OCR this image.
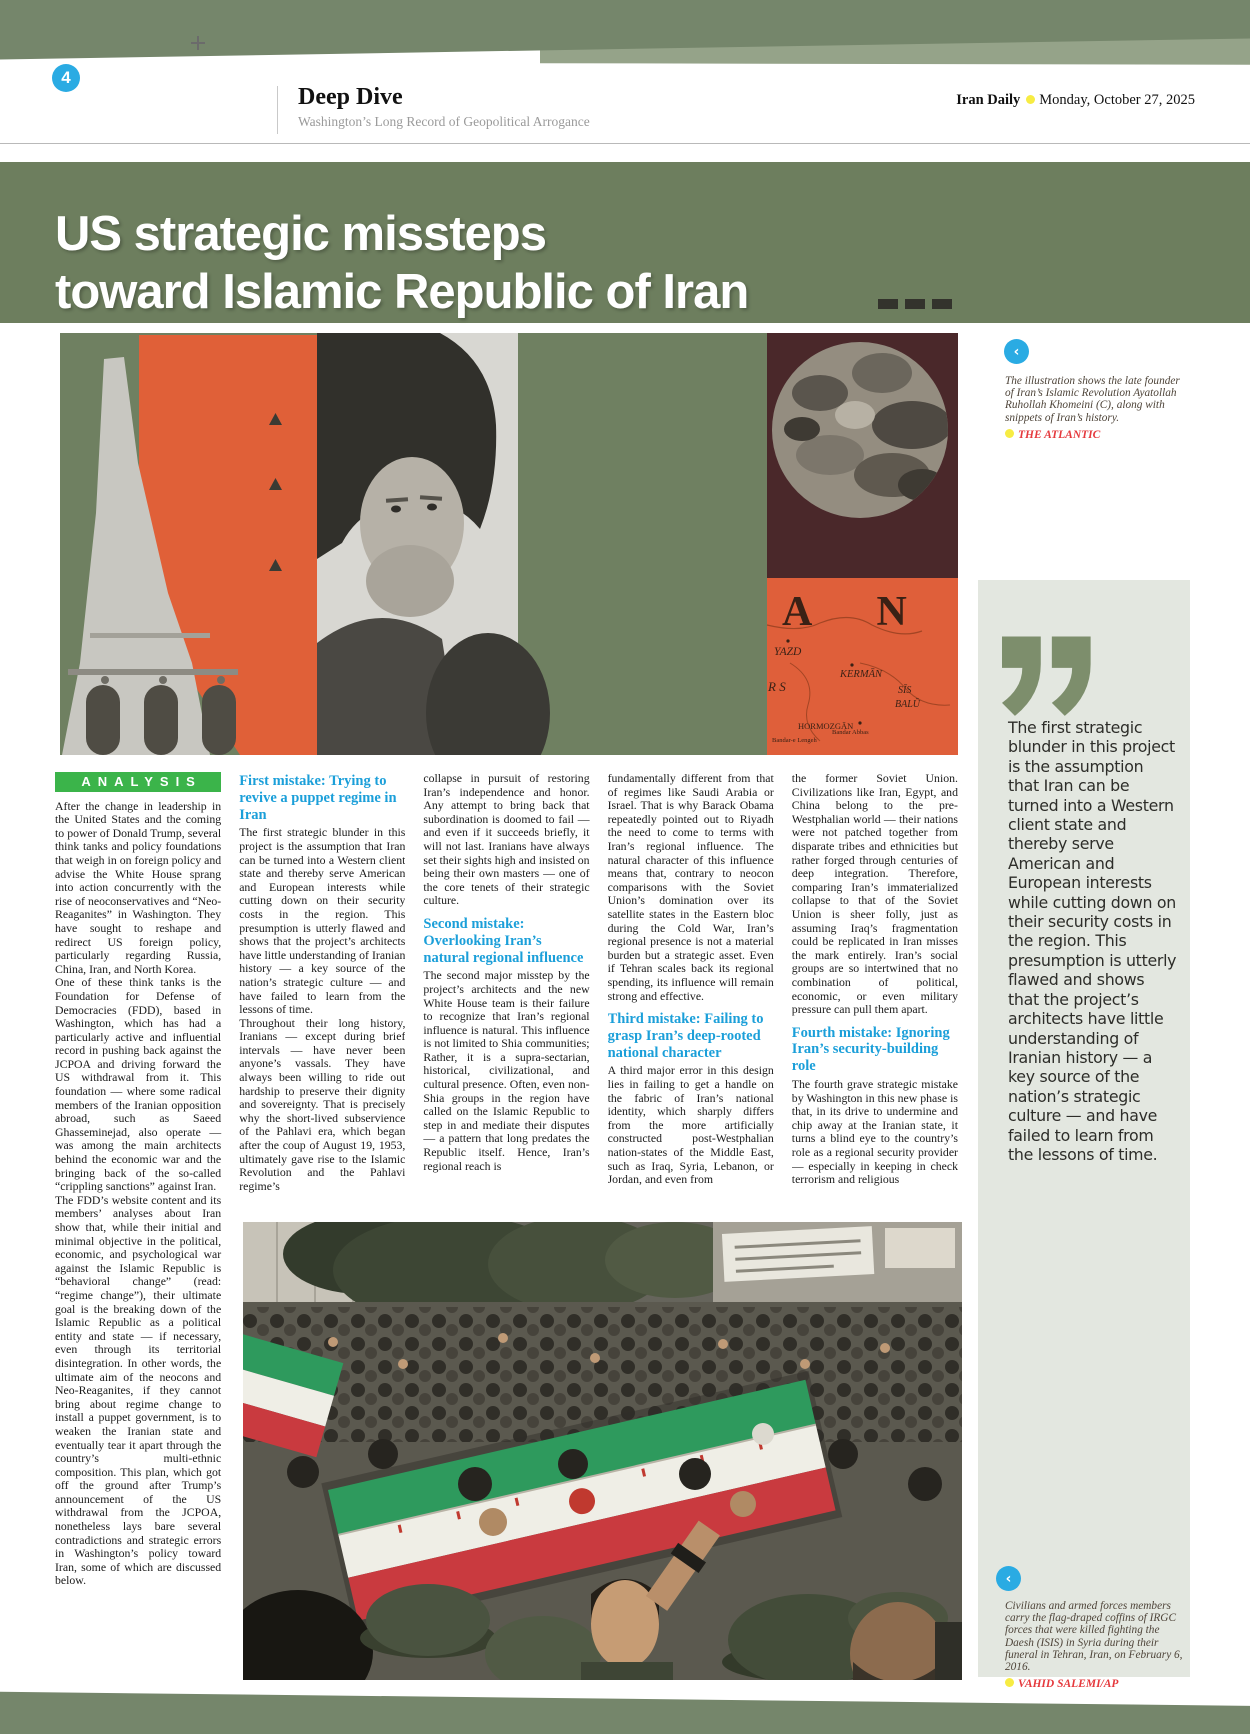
4
Deep Dive
Washington’s Long Record of Geopolitical Arrogance
Iran Daily Monday, October 27, 2025
US strategic missteps
toward Islamic Republic of Iran
A N
YAZD
KERMĀN
R S	SĪS
BALŪ
HORMOZGĀN
Bandar-e Lengeh
Bandar Abbas
‹
The illustration shows the late founder of Iran’s Islamic Revolution Ayatollah Ruhollah Khomeini (C), along with snippets of Iran’s history.
THE ATLANTIC
The first strategic blunder in this project is the assumption that Iran can be turned into a Western client state and thereby serve American and European interests while cutting down on their security costs in the region. This presumption is utterly flawed and shows that the project’s architects have little understanding of Iranian history — a key source of the nation’s strategic culture — and have failed to learn from the lessons of time.
ANALYSIS

After the change in leadership in the United States and the coming to power of Donald Trump, several think tanks and policy foundations that weigh in on foreign policy and advise the White House sprang into action concurrently with the rise of neoconservatives and “Neo-Reaganites” in Washington. They have sought to reshape and redirect US foreign policy, particularly regarding Russia, China, Iran, and North Korea.

One of these think tanks is the Foundation for Defense of Democracies (FDD), based in Washington, which has had a particularly active and influential record in pushing back against the JCPOA and driving forward the US withdrawal from it. This foundation — where some radical members of the Iranian opposition abroad, such as Saeed Ghasseminejad, also operate — was among the main architects behind the economic war and the bringing back of the so-called “crippling sanctions” against Iran.

The FDD’s website content and its members’ analyses about Iran show that, while their initial and minimal objective in the political, economic, and psychological war against the Islamic Republic is “behavioral change” (read: “regime change”), their ultimate goal is the breaking down of the Islamic Republic as a political entity and state — if necessary, even through its territorial disintegration. In other words, the ultimate aim of the neocons and Neo-Reaganites, if they cannot bring about regime change to install a puppet government, is to weaken the Iranian state and eventually tear it apart through the country’s multi-ethnic composition. This plan, which got off the ground after Trump’s announcement of the US withdrawal from the JCPOA, nonetheless lays bare several contradictions and strategic errors in Washington’s policy toward Iran, some of which are discussed below.

First mistake: Trying to revive a puppet regime in Iran

The first strategic blunder in this project is the assumption that Iran can be turned into a Western client state and thereby serve American and European interests while cutting down on their security costs in the region. This presumption is utterly flawed and shows that the project’s architects have little understanding of Iranian history — a key source of the nation’s strategic culture — and have failed to learn from the lessons of time.

Throughout their long history, Iranians — except during brief intervals — have never been anyone’s vassals. They have always been willing to ride out hardship to preserve their dignity and sovereignty. That is precisely why the short-lived subservience of the Pahlavi era, which began after the coup of August 19, 1953, ultimately gave rise to the Islamic Revolution and the Pahlavi regime’s

collapse in pursuit of restoring Iran’s independence and honor. Any attempt to bring back that subordination is doomed to fail — and even if it succeeds briefly, it will not last. Iranians have always set their sights high and insisted on being their own masters — one of the core tenets of their strategic culture.

Second mistake: Overlooking Iran’s natural regional influence

The second major misstep by the project’s architects and the new White House team is their failure to recognize that Iran’s regional influence is natural. This influence is not limited to Shia communities; Rather, it is a supra-sectarian, historical, civilizational, and cultural presence. Often, even non-Shia groups in the region have called on the Islamic Republic to step in and mediate their disputes — a pattern that long predates the Republic itself. Hence, Iran’s regional reach is

fundamentally different from that of regimes like Saudi Arabia or Israel. That is why Barack Obama repeatedly pointed out to Riyadh the need to come to terms with Iran’s regional influence. The natural character of this influence means that, contrary to neocon comparisons with the Soviet Union’s domination over its satellite states in the Eastern bloc during the Cold War, Iran’s regional presence is not a material burden but a strategic asset. Even if Tehran scales back its regional spending, its influence will remain strong and effective.

Third mistake: Failing to grasp Iran’s deep-rooted national character

A third major error in this design lies in failing to get a handle on the fabric of Iran’s national identity, which sharply differs from the more artificially constructed post-Westphalian nation-states of the Middle East, such as Iraq, Syria, Lebanon, or Jordan, and even from

the former Soviet Union. Civilizations like Iran, Egypt, and China belong to the pre-Westphalian world — their nations were not patched together from disparate tribes and ethnicities but rather forged through centuries of deep integration. Therefore, comparing Iran’s immaterialized collapse to that of the Soviet Union is sheer folly, just as assuming Iraq’s fragmentation could be replicated in Iran misses the mark entirely. Iran’s social groups are so intertwined that no combination of political, economic, or even military pressure can pull them apart.

Fourth mistake: Ignoring Iran’s security-building role

The fourth grave strategic mistake by Washington in this new phase is that, in its drive to undermine and chip away at the Iranian state, it turns a blind eye to the country’s role as a regional security provider — especially in keeping in check terrorism and religious

‹
Civilians and armed forces members carry the flag-draped coffins of IRGC forces that were killed fighting the Daesh (ISIS) in Syria during their funeral in Tehran, Iran, on February 6, 2016.
VAHID SALEMI/AP
